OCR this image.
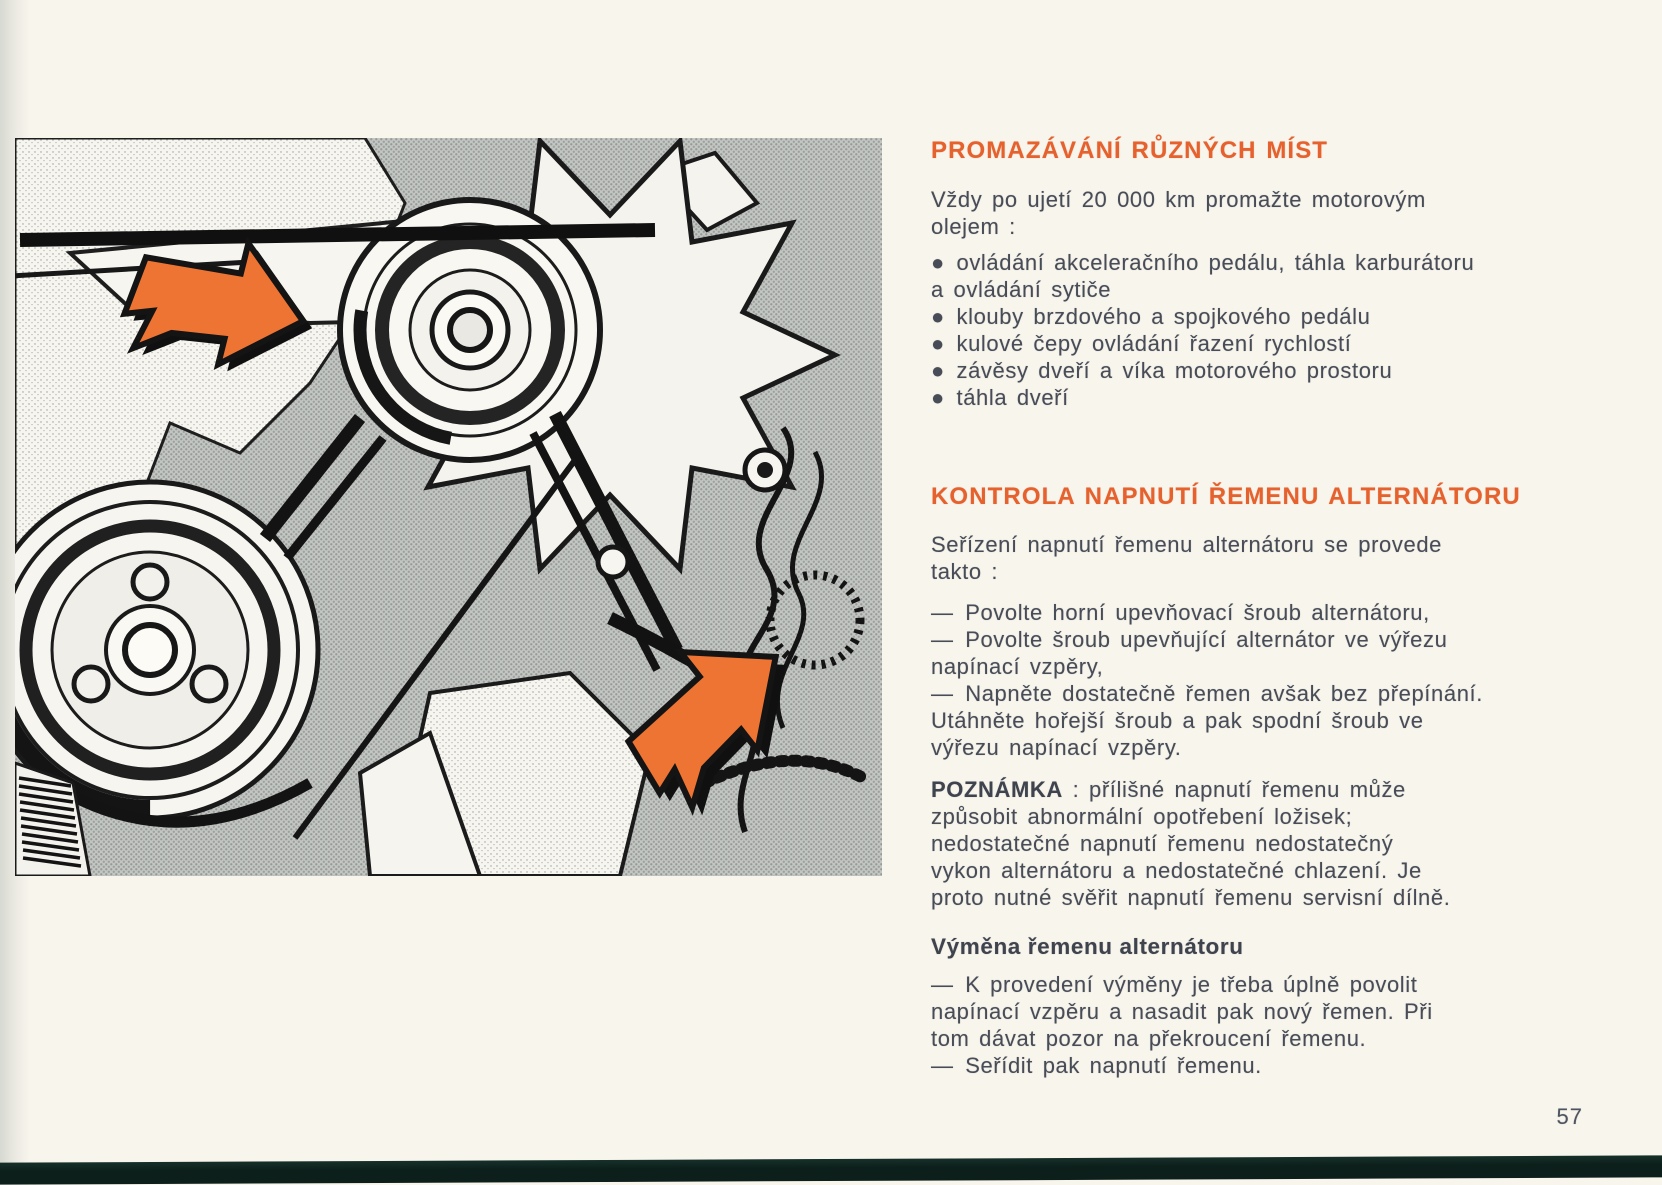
PROMAZÁVÁNÍ RŮZNÝCH MÍST
Vždy po ujetí 20 000 km promažte motorovým
olejem :
● ovládání akceleračního pedálu, táhla karburátoru
a ovládání sytiče
● klouby brzdového a spojkového pedálu
● kulové čepy ovládání řazení rychlostí
● závěsy dveří a víka motorového prostoru
● táhla dveří
KONTROLA NAPNUTÍ ŘEMENU ALTERNÁTORU
Seřízení napnutí řemenu alternátoru se provede
takto :
— Povolte horní upevňovací šroub alternátoru,
— Povolte šroub upevňující alternátor ve výřezu
napínací vzpěry,
— Napněte dostatečně řemen avšak bez přepínání.
Utáhněte hořejší šroub a pak spodní šroub ve
výřezu napínací vzpěry.
POZNÁMKA : přílišné napnutí řemenu může
způsobit abnormální opotřebení ložisek;
nedostatečné napnutí řemenu nedostatečný
vykon alternátoru a nedostatečné chlazení. Je
proto nutné svěřit napnutí řemenu servisní dílně.
Výměna řemenu alternátoru
— K provedení výměny je třeba úplně povolit
napínací vzpěru a nasadit pak nový řemen. Při
tom dávat pozor na překroucení řemenu.
— Seřídit pak napnutí řemenu.
57
